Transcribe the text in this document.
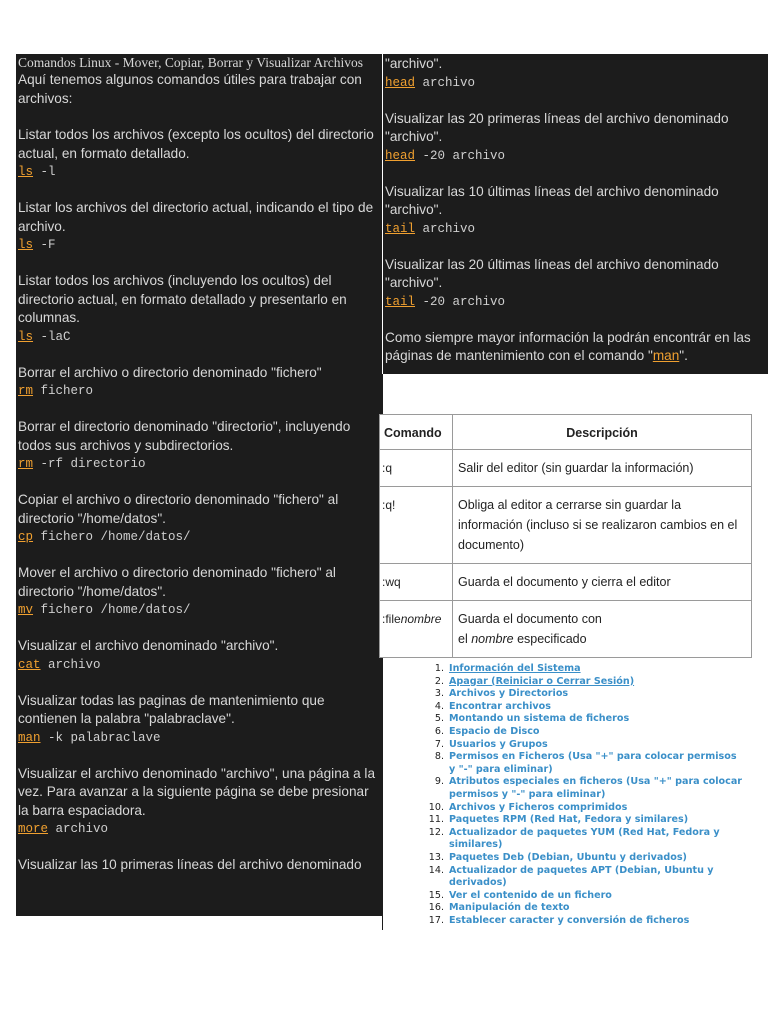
Comandos Linux - Mover, Copiar, Borrar y Visualizar Archivos
Aquí tenemos algunos comandos útiles para trabajar con archivos:
Listar todos los archivos (excepto los ocultos) del directorio actual, en formato detallado.
ls -l
Listar los archivos del directorio actual, indicando el tipo de archivo.
ls -F
Listar todos los archivos (incluyendo los ocultos) del directorio actual, en formato detallado y presentarlo en columnas.
ls -laC
Borrar el archivo o directorio denominado "fichero"
rm fichero
Borrar el directorio denominado "directorio", incluyendo todos sus archivos y subdirectorios.
rm -rf directorio
Copiar el archivo o directorio denominado "fichero" al directorio "/home/datos".
cp fichero /home/datos/
Mover el archivo o directorio denominado "fichero" al directorio "/home/datos".
mv fichero /home/datos/
Visualizar el archivo denominado "archivo".
cat archivo
Visualizar todas las paginas de mantenimiento que contienen la palabra "palabraclave".
man -k palabraclave
Visualizar el archivo denominado "archivo", una página a la vez. Para avanzar a la siguiente página se debe presionar la barra espaciadora.
more archivo
Visualizar las 10 primeras líneas del archivo denominado
"archivo".
head archivo
Visualizar las 20 primeras líneas del archivo denominado "archivo".
head -20 archivo
Visualizar las 10 últimas líneas del archivo denominado "archivo".
tail archivo
Visualizar las 20 últimas líneas del archivo denominado "archivo".
tail -20 archivo
Como siempre mayor información la podrán encontrár en las páginas de mantenimiento con el comando "man".
Comando	Descripción
:q	Salir del editor (sin guardar la información)
:q!	Obliga al editor a cerrarse sin guardar la información (incluso si se realizaron cambios en el documento)
:wq	Guarda el documento y cierra el editor
:filenombre	Guarda el documento con
el nombre especificado
1. Información del Sistema
2. Apagar (Reiniciar o Cerrar Sesión)
3. Archivos y Directorios
4. Encontrar archivos
5. Montando un sistema de ficheros
6. Espacio de Disco
7. Usuarios y Grupos
8. Permisos en Ficheros (Usa "+" para colocar permisos y "-" para eliminar)
9. Atributos especiales en ficheros (Usa "+" para colocar permisos y "-" para eliminar)
10. Archivos y Ficheros comprimidos
11. Paquetes RPM (Red Hat, Fedora y similares)
12. Actualizador de paquetes YUM (Red Hat, Fedora y similares)
13. Paquetes Deb (Debian, Ubuntu y derivados)
14. Actualizador de paquetes APT (Debian, Ubuntu y derivados)
15. Ver el contenido de un fichero
16. Manipulación de texto
17. Establecer caracter y conversión de ficheros
